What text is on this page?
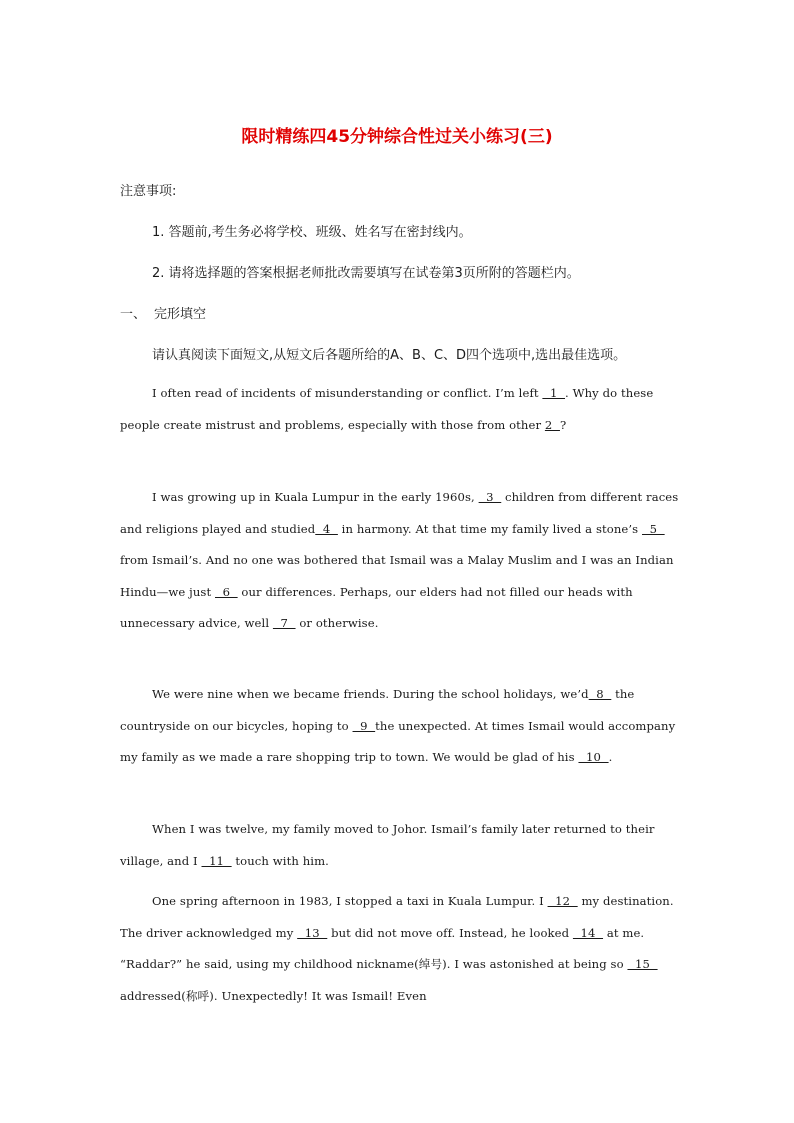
限时精练四45分钟综合性过关小练习(三)
注意事项:
1. 答题前,考生务必将学校、班级、姓名写在密封线内。
2. 请将选择题的答案根据老师批改需要填写在试卷第3页所附的答题栏内。
一、 完形填空
请认真阅读下面短文,从短文后各题所给的A、B、C、D四个选项中,选出最佳选项。

I often read of incidents of misunderstanding or conflict. I’m left   1  . Why do these people create mistrust and problems, especially with those from other 2  ?

I was growing up in Kuala Lumpur in the early 1960s,   3   children from different races and religions played and studied  4   in harmony. At that time my family lived a stone’s   5   from Ismail’s. And no one was bothered that Ismail was a Malay Muslim and I was an Indian Hindu—we just   6   our differences. Perhaps, our elders had not filled our heads with unnecessary advice, well   7   or otherwise.

We were nine when we became friends. During the school holidays, we’d  8   the countryside on our bicycles, hoping to   9  the unexpected. At times Ismail would accompany my family as we made a rare shopping trip to town. We would be glad of his   10  .

When I was twelve, my family moved to Johor. Ismail’s family later returned to their village, and I   11   touch with him.

One spring afternoon in 1983, I stopped a taxi in Kuala Lumpur. I   12   my destination. The driver acknowledged my   13   but did not move off. Instead, he looked   14   at me. “Raddar?” he said, using my childhood nickname(绰号). I was astonished at being so   15   addressed(称呼). Unexpectedly! It was Ismail! Even
